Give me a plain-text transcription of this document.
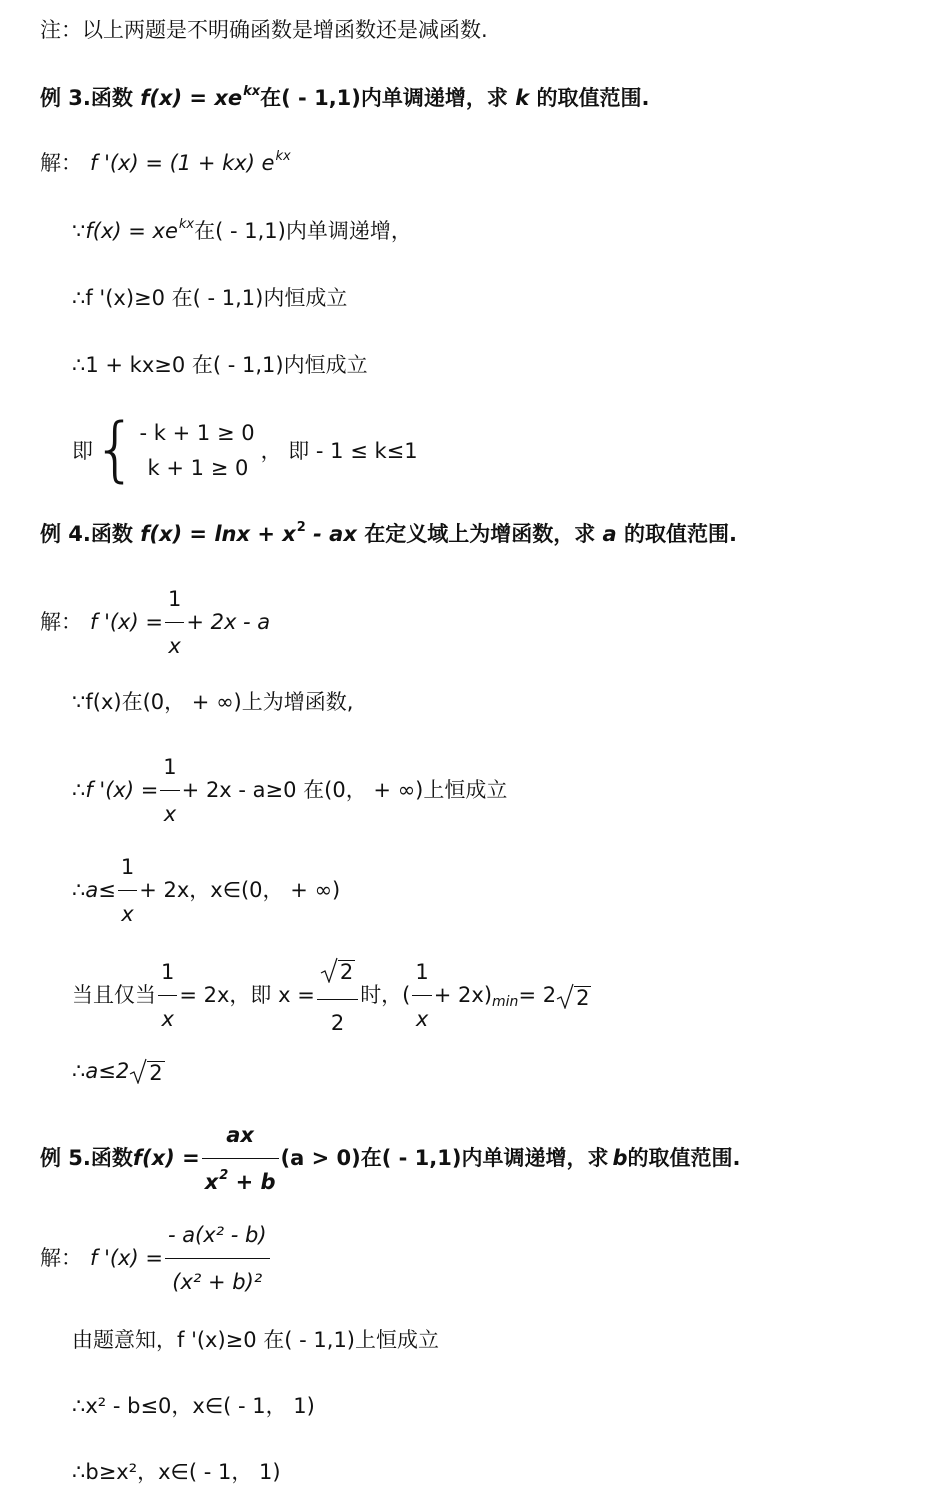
注：以上两题是不明确函数是增函数还是减函数.
例 3.函数 $f(x) = xe^{kx}$在( - 1,1)内单调递增，求 k 的取值范围.
解： f '(x) = (1 + kx) $e^{kx}$
∵f(x) = $xe^{kx}$在( - 1,1)内单调递增，
∴f '(x)≥0 在( - 1,1)内恒成立
∴1 + kx≥0 在( - 1,1)内恒成立
即 { - k + 1 ≥ 0
k + 1 ≥ 0
， 即 - 1 ≤ k≤1
例 4.函数 $f(x) = \ln x + x^2$ - ax 在定义域上为增函数，求 a 的取值范围.
解： f '$(x) = \frac{1}{x} + 2x - a$
∵f(x)在(0， + ∞)上为增函数,
∴f '$(x) = \frac{1}{x} + 2x - a\ge 0$ 在(0， + ∞)上恒成立
∴a≤ $\frac{1}{x} + 2x$，x∈(0， + ∞)
当且仅当 $\frac{1}{x} = 2x$，即 $x = \frac{2}{2}$ 时，( $\frac{1}{x} + 2x$) min = 2 2
∴a≤2 2
例 5.函数 $f(x) = \frac{ax}{x^2 + b} (a > 0)$在( - 1,1)内单调递增，求 b 的取值范围.
解： f '$(x) = \frac{\text{- a(x² - b)}}{\text{(x² + b)²}}$
由题意知，f '(x)≥0 在( - 1,1)上恒成立
∴x² - b≤0，x∈( - 1， 1)
∴b≥x²，x∈( - 1， 1)
